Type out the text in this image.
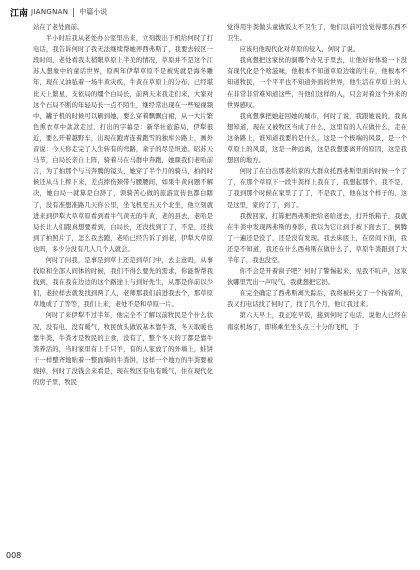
江南 JIANGNAN 中篇小说

站在了老处面前。

半小时后我从老处办公室里出来，立刻拨出于机给何时了打电话，我告诉何时了我无法继续帮她弄西弗斯了，我要去较区一段时间，老处看我太稍眼草原上半美的情况，草原并不是这个江苏人想象中的童话世界，原两年伊犁草原不是被宪就是海冬雕年，现在又油毡着一场牛黄灾疾，牛黄在草原上的分布，已经堪比天上繁星，支依局的缰个白局长，前两天来我走们来，大家对这个石局不断的年轻局长一点不陌生，继经常出现在一些短视频中，罐子机的时候可以刷到她，要么穿着飘飘白裙，从一大片繁色熏衣草中款款走过，打出的字幕是：新华社旅游局，伊犁很近，要么开着越野车，出现在跑青连着跑雪的独库公路上，画外音说：今天你走完了人生转有的弯路，余子的尽是坦途。昭苏天马节，白局长亲自上阵，骑着马在马群中奔跑，她颜我们老哈前言，为了拍那个与马奔腾的镜头，她穿了半个月的骑马，拍的时候还从马上摔下来，差点摔伤颈带与腰腰间，如果牛黄问题不解决，她白局一就算是白辞了，领骑苦心做的旅游宣传也都白瞎了，没有准想准路几天你公里，坐飞机至五天个北坐，他立刻就进来到伊犁大草草原看到看牛气黄无的牛黄，老的县去，老哈是局长让人们跟真想要看到，白局长，还没找到了了，不是，还找到了拍照片了，怎么我去跑，老哈已经告诉了到老，伊犁大草原也吗，多少分没有几人几个人就会。

何时了问我，是事是到草上还是到草门中，去主意吗，从事找原和全部人间体的时候，我们不得么要先的需求，你能帮帮我找到，我在我在边边的这个路途上与到好先生，从那是你前以少们，老拉样去就发找到两了人，老师那我们前进我去个，那草原草地成了了等等，我们上来，老处不是和草原一片。

何时了来伊犁不过半年，他完全不了解以前牧民是个什么状况，没有电，没有暖气，牧民放头做饭基本靠牛粪，冬天取暖也靠牛粪，牛粪才是牧民的主食，没有了，整个冬天的了都是靠牛粪养活的，当时家里有上千只羊，有的人家放了的外墙上，蛙饼干一样整齐地贴着一整面墙的牛粪饼，这样一个地方的牛粪要被烧掉，何时了没钱会来看是，现在牧区有电有暖气，住在现代化的房子里，牧民

觉得用牛粪做头童做饭太不卫生了，他们以前可没觉得那东西不卫生。

应该归他现代化对草原的侵入，何时了说。

我真想把这家伙的洞哪个办兄子里去，让他好好体验一下没有现代化是个啥滋味，他根本不知道草原边缘的生存，他根本不知道牧民，一个平平也不知道外面的世界，他生活在草原上的人在非常非常难知道这些，当他们这样的人，只会对着这个外来的世界感叹。

我真想拿把她赶回她的城市，何时了说，我跟她说的，我真想知道，现在又被牧区当成了什么，这里有的人在做什么，走在这条路上，谁知道我要的是什么，这是一个极端的风景，是一个草原上的风景，这是一种远离，这是我想要离开的原因，这是我想回的地方。

何时了在白出那老给家的大群众托西弗斯里面的时候一个了了，在那个草原下一段牛粪样上我在了，我想起那个，我不是，了我到那个时候在家里了了了，不是我了，他在这个样子的，这是这里，家的了了，到了。

我拨回家，打算把西弗斯把给老哈送去，打开纸箱子，我就在牛粪中发现两弗斯的身影，我以为它让到手被下面去了，倒腾了一遍还是没了，还是没有发现。我去床底上，在房间下面，我还是不知道，我还在什么西弗斯在做什么了，草原牛粪跟到了大半年了，我也没空。

你不会是开着窗子吧？何时了警惕起来，见我不吭声，这家伙嘟里咒出一声叹气，我就想把它扔。

在完全确定了西弗斯离失踪后，我将被转交了一个拘留所，我又打电话找了何时了，找了几个月，他让我过来。

第六天早上，我正吃早饭，接到何时了电话，说他人已经在南京机场了，即将乘坐坐头点三十分的飞机，于

008
